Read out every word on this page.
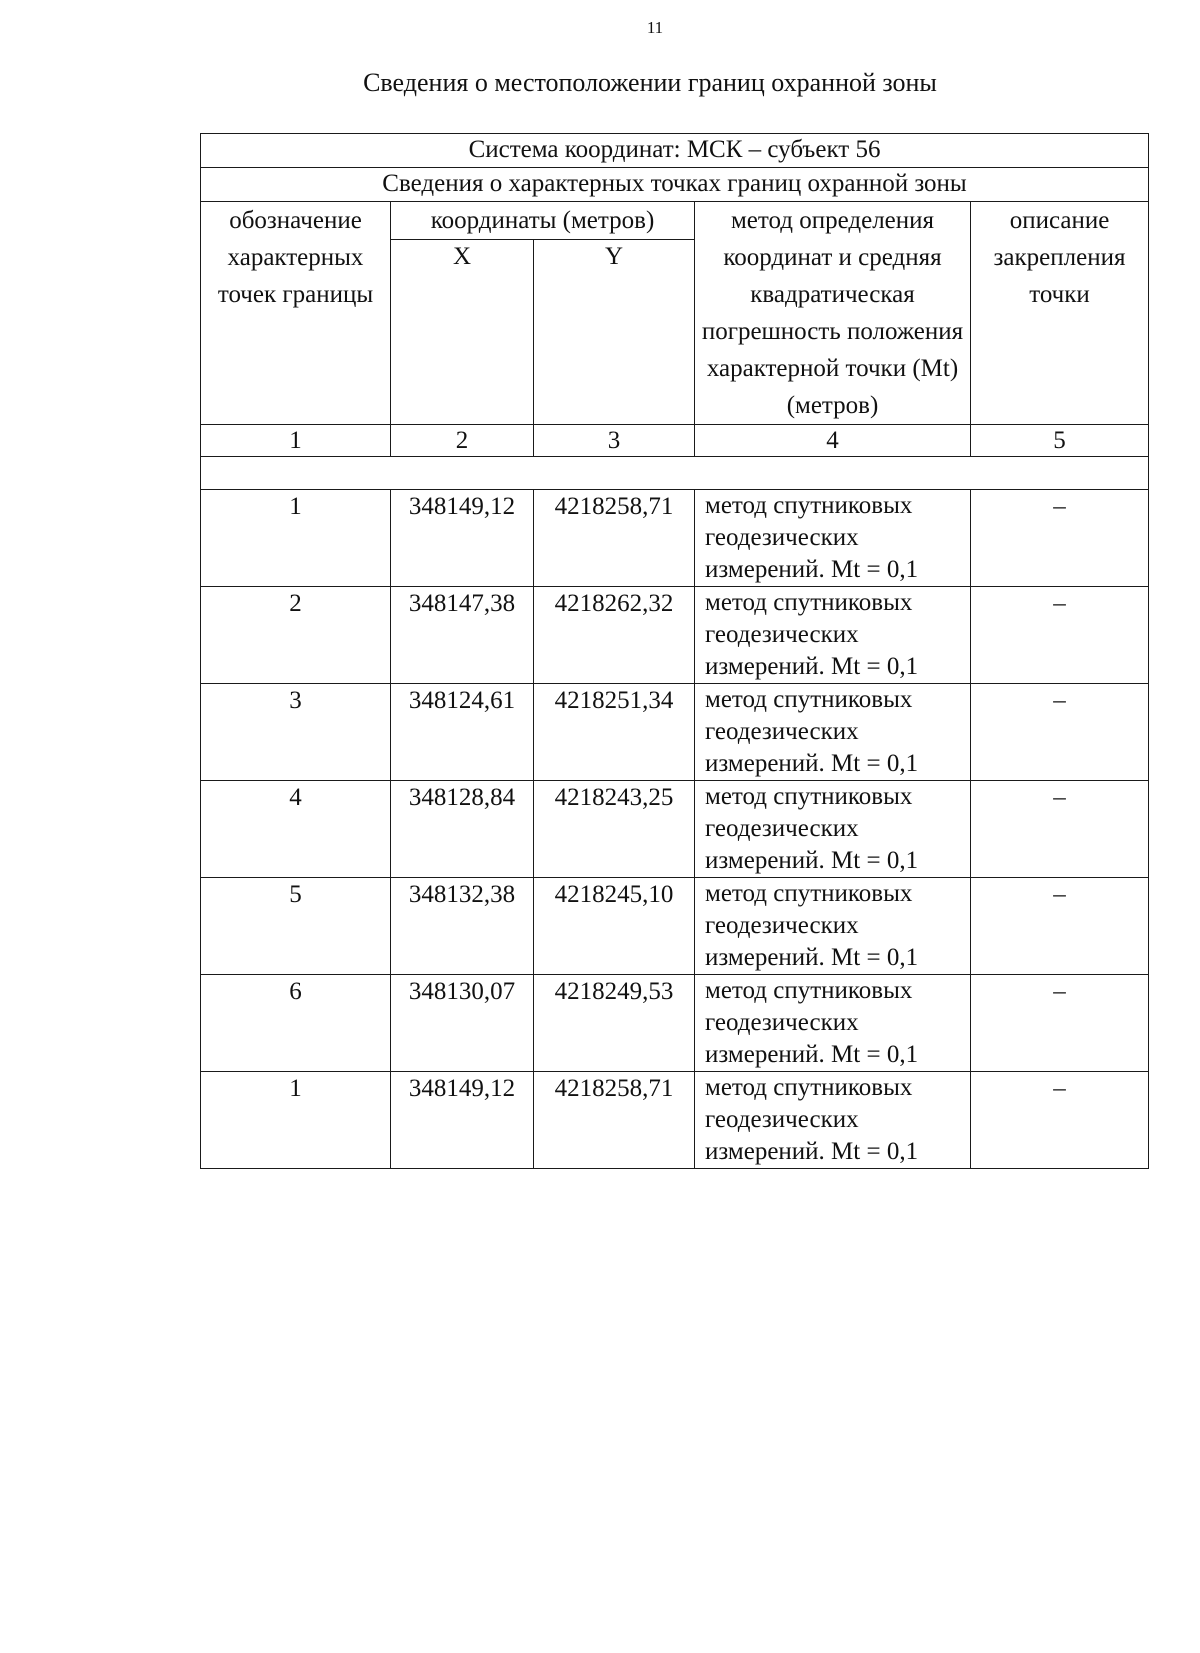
11
Сведения о местоположении границ охранной зоны
Система координат: МСК – субъект 56				
Сведения о характерных точках границ охранной зоны				
обозначение характерных точек границы	координаты (метров)		метод определения координат и средняя квадратическая погрешность положения характерной точки (Mt) (метров)	описание закрепления точки
	X	Y		

1	2	3	4	5

1	348149,12	4218258,71	метод спутниковых
геодезических
измерений. Mt = 0,1	–
2	348147,38	4218262,32	метод спутниковых
геодезических
измерений. Mt = 0,1	–
3	348124,61	4218251,34	метод спутниковых
геодезических
измерений. Mt = 0,1	–
4	348128,84	4218243,25	метод спутниковых
геодезических
измерений. Mt = 0,1	–
5	348132,38	4218245,10	метод спутниковых
геодезических
измерений. Mt = 0,1	–
6	348130,07	4218249,53	метод спутниковых
геодезических
измерений. Mt = 0,1	–
1	348149,12	4218258,71	метод спутниковых
геодезических
измерений. Mt = 0,1	–
